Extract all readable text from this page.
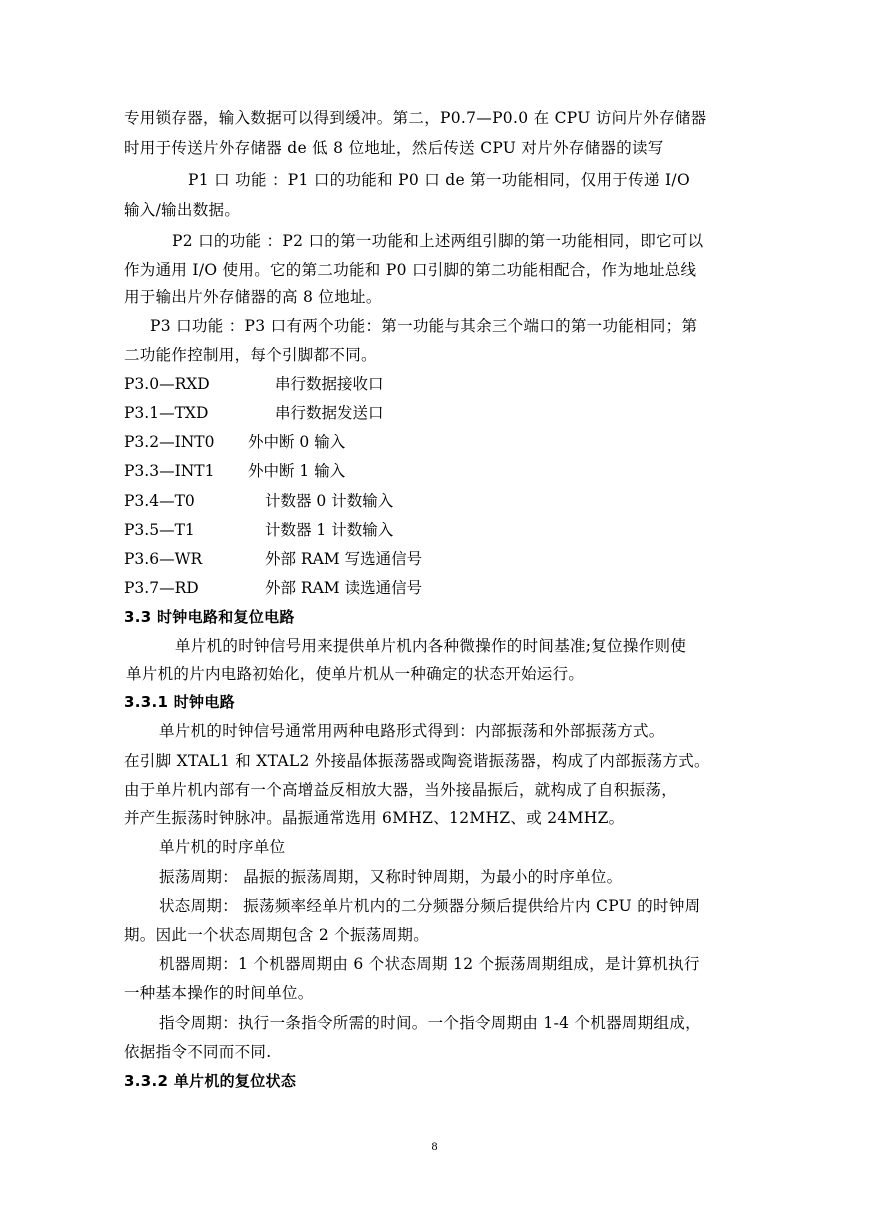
专用锁存器，输入数据可以得到缓冲。第二，P0.7—P0.0 在 CPU 访问片外存储器
时用于传送片外存储器 de 低 8 位地址，然后传送 CPU 对片外存储器的读写
P1 口 功能 ：P1 口的功能和 P0 口 de 第一功能相同，仅用于传递 I/O
输入/输出数据。
P2 口的功能 ：P2 口的第一功能和上述两组引脚的第一功能相同，即它可以
作为通用 I/O 使用。它的第二功能和 P0 口引脚的第二功能相配合，作为地址总线
用于输出片外存储器的高 8 位地址。
P3 口功能 ：P3 口有两个功能：第一功能与其余三个端口的第一功能相同；第
二功能作控制用，每个引脚都不同。
P3.0—RXD	串行数据接收口
P3.1—TXD	串行数据发送口
P3.2—INT0 外中断 0 输入
P3.3—INT1 外中断 1 输入
P3.4—T0	计数器 0 计数输入
P3.5—T1	计数器 1 计数输入
P3.6—WR	外部 RAM 写选通信号
P3.7—RD	外部 RAM 读选通信号
3.3 时钟电路和复位电路
单片机的时钟信号用来提供单片机内各种微操作的时间基准;复位操作则使
单片机的片内电路初始化，使单片机从一种确定的状态开始运行。
3.3.1 时钟电路
单片机的时钟信号通常用两种电路形式得到：内部振荡和外部振荡方式。
在引脚 XTAL1 和 XTAL2 外接晶体振荡器或陶瓷谐振荡器，构成了内部振荡方式。
由于单片机内部有一个高增益反相放大器，当外接晶振后，就构成了自积振荡，
并产生振荡时钟脉冲。晶振通常选用 6MHZ、12MHZ、或 24MHZ。
单片机的时序单位
振荡周期： 晶振的振荡周期，又称时钟周期，为最小的时序单位。
状态周期： 振荡频率经单片机内的二分频器分频后提供给片内 CPU 的时钟周
期。因此一个状态周期包含 2 个振荡周期。
机器周期：1 个机器周期由 6 个状态周期 12 个振荡周期组成，是计算机执行
一种基本操作的时间单位。
指令周期：执行一条指令所需的时间。一个指令周期由 1-4 个机器周期组成，
依据指令不同而不同.
3.3.2 单片机的复位状态
8
